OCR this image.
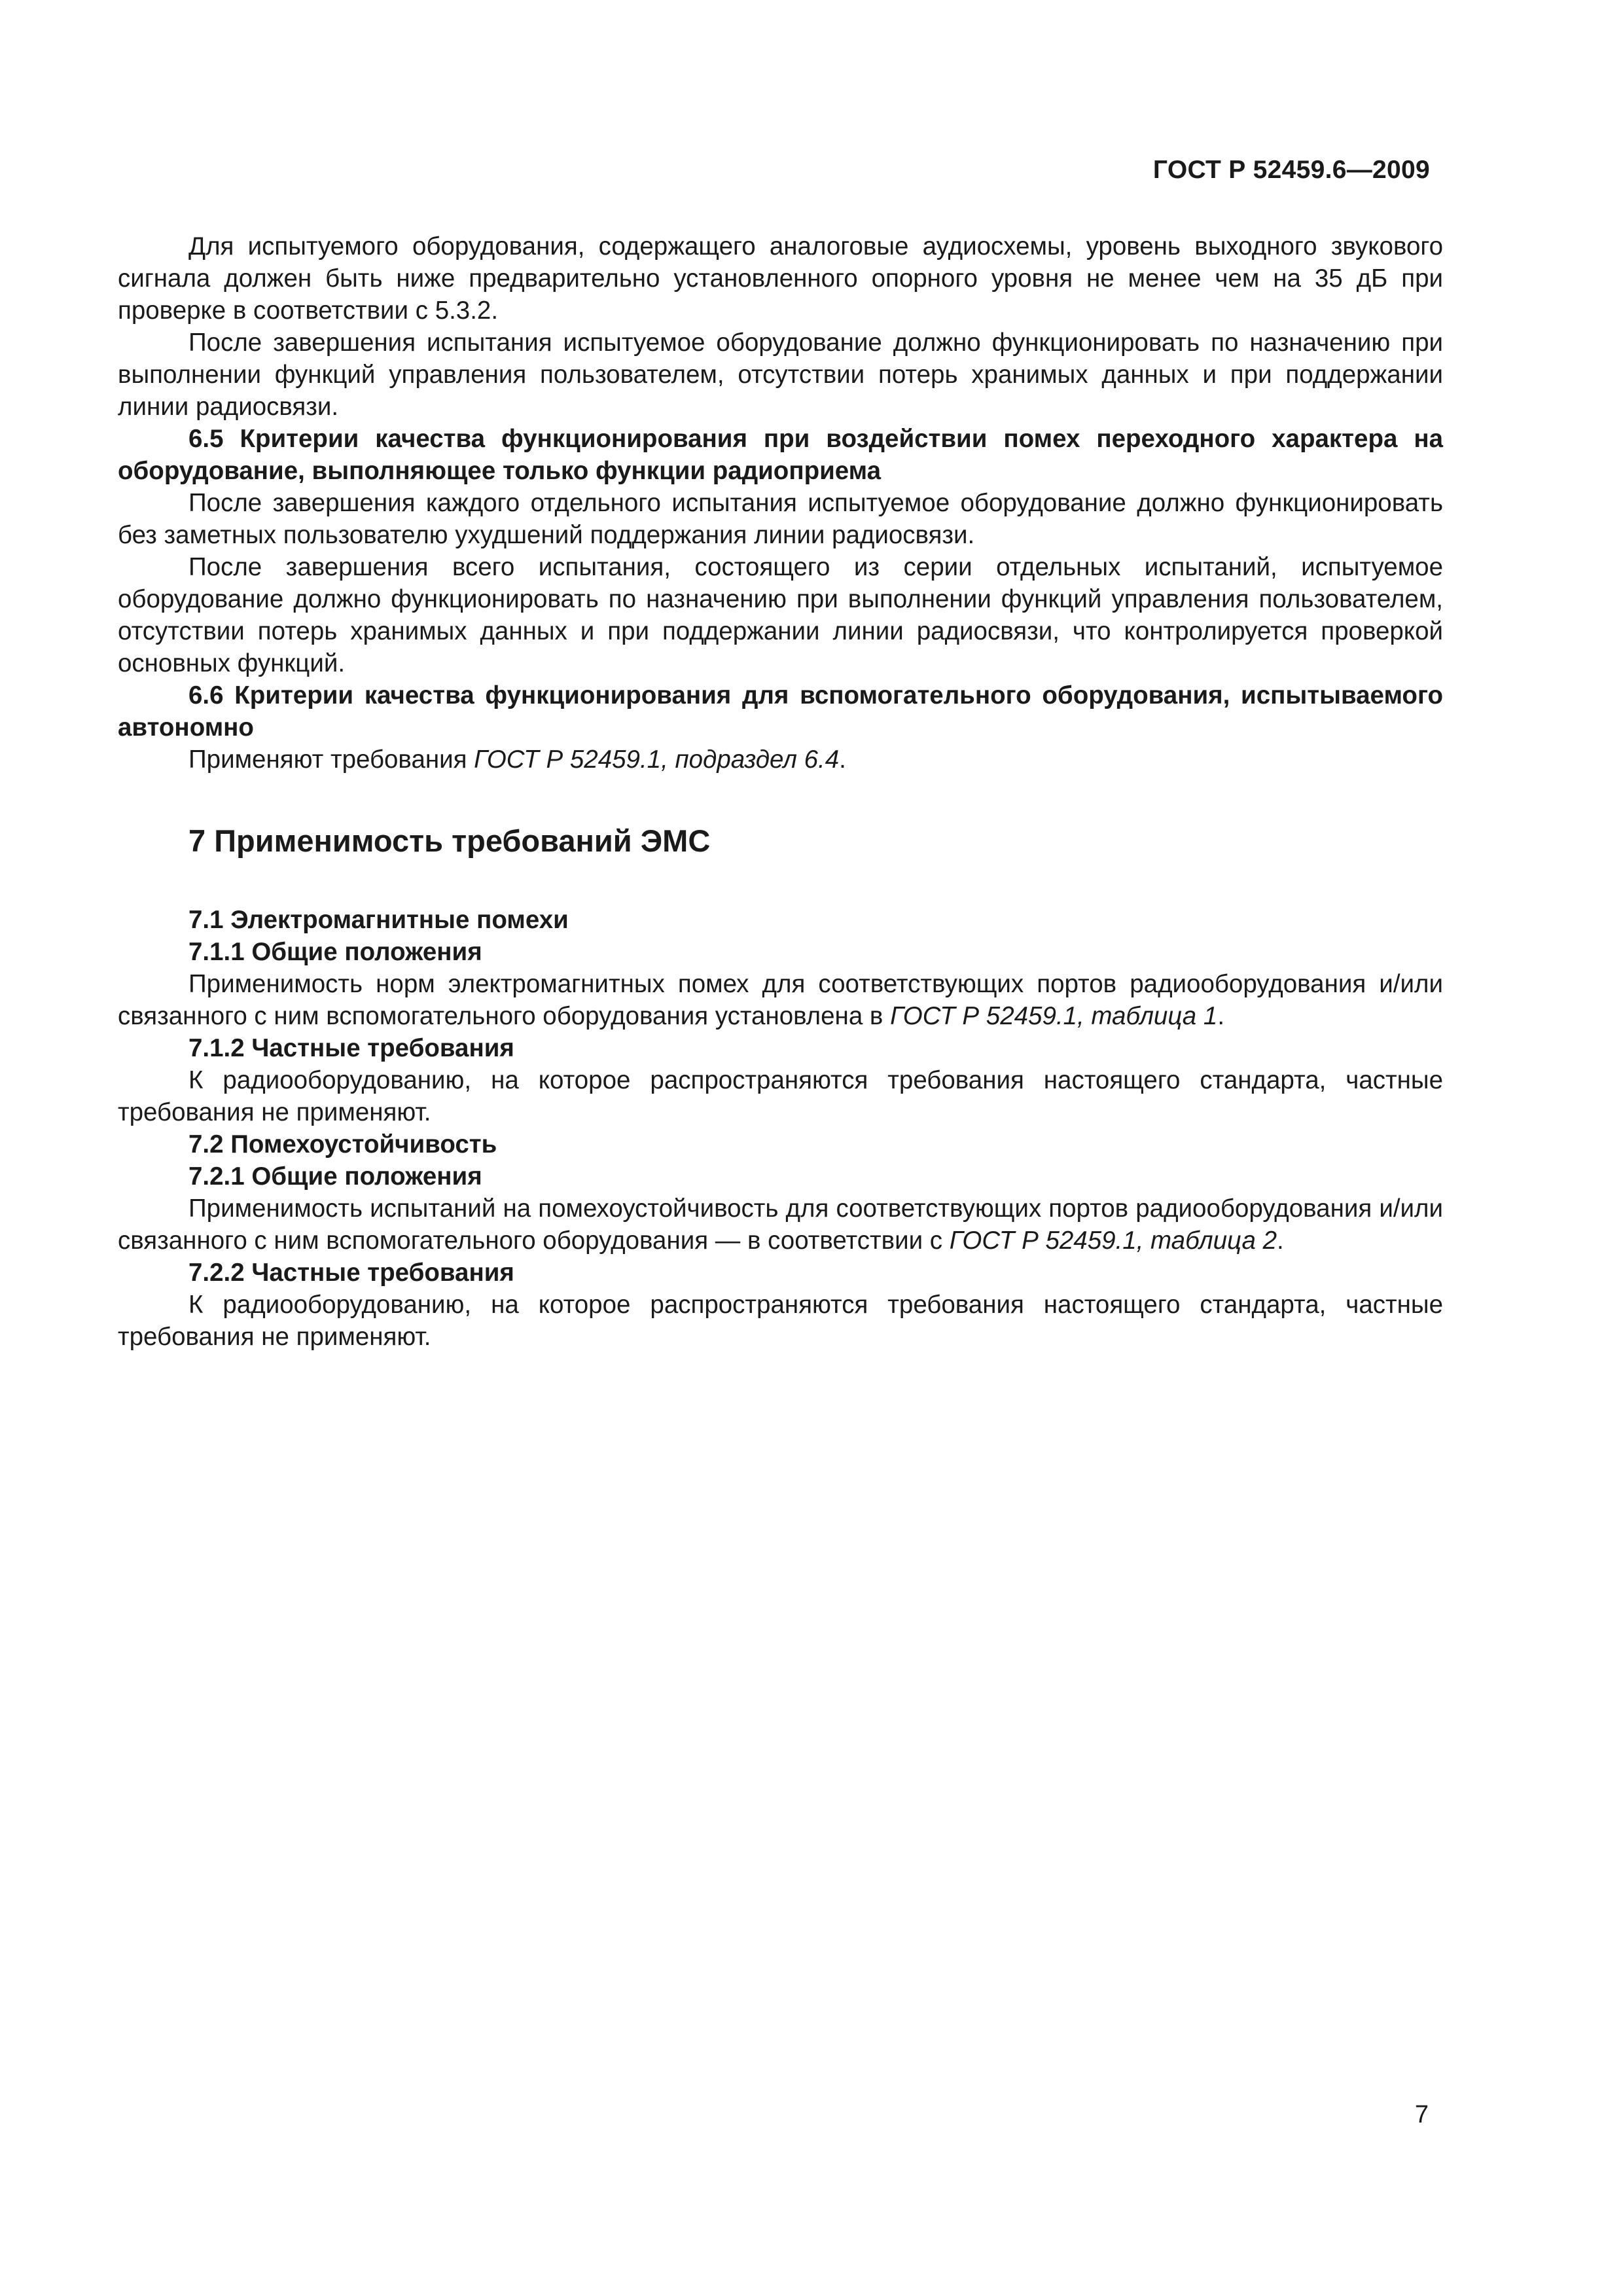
ГОСТ Р 52459.6—2009

Для испытуемого оборудования, содержащего аналоговые аудиосхемы, уровень выходного звукового сигнала должен быть ниже предварительно установленного опорного уровня не менее чем на 35 дБ при проверке в соответствии с 5.3.2.

После завершения испытания испытуемое оборудование должно функционировать по назначению при выполнении функций управления пользователем, отсутствии потерь хранимых данных и при поддержании линии радиосвязи.

6.5 Критерии качества функционирования при воздействии помех переходного характера на оборудование, выполняющее только функции радиоприема

После завершения каждого отдельного испытания испытуемое оборудование должно функционировать без заметных пользователю ухудшений поддержания линии радиосвязи.

После завершения всего испытания, состоящего из серии отдельных испытаний, испытуемое оборудование должно функционировать по назначению при выполнении функций управления пользователем, отсутствии потерь хранимых данных и при поддержании линии радиосвязи, что контролируется проверкой основных функций.

6.6 Критерии качества функционирования для вспомогательного оборудования, испытываемого автономно

Применяют требования ГОСТ Р 52459.1, подраздел 6.4.

7 Применимость требований ЭМС

7.1 Электромагнитные помехи

7.1.1 Общие положения

Применимость норм электромагнитных помех для соответствующих портов радиооборудования и/или связанного с ним вспомогательного оборудования установлена в ГОСТ Р 52459.1, таблица 1.

7.1.2 Частные требования

К радиооборудованию, на которое распространяются требования настоящего стандарта, частные требования не применяют.

7.2 Помехоустойчивость

7.2.1 Общие положения

Применимость испытаний на помехоустойчивость для соответствующих портов радиооборудования и/или связанного с ним вспомогательного оборудования — в соответствии с ГОСТ Р 52459.1, таблица 2.

7.2.2 Частные требования

К радиооборудованию, на которое распространяются требования настоящего стандарта, частные требования не применяют.

7
